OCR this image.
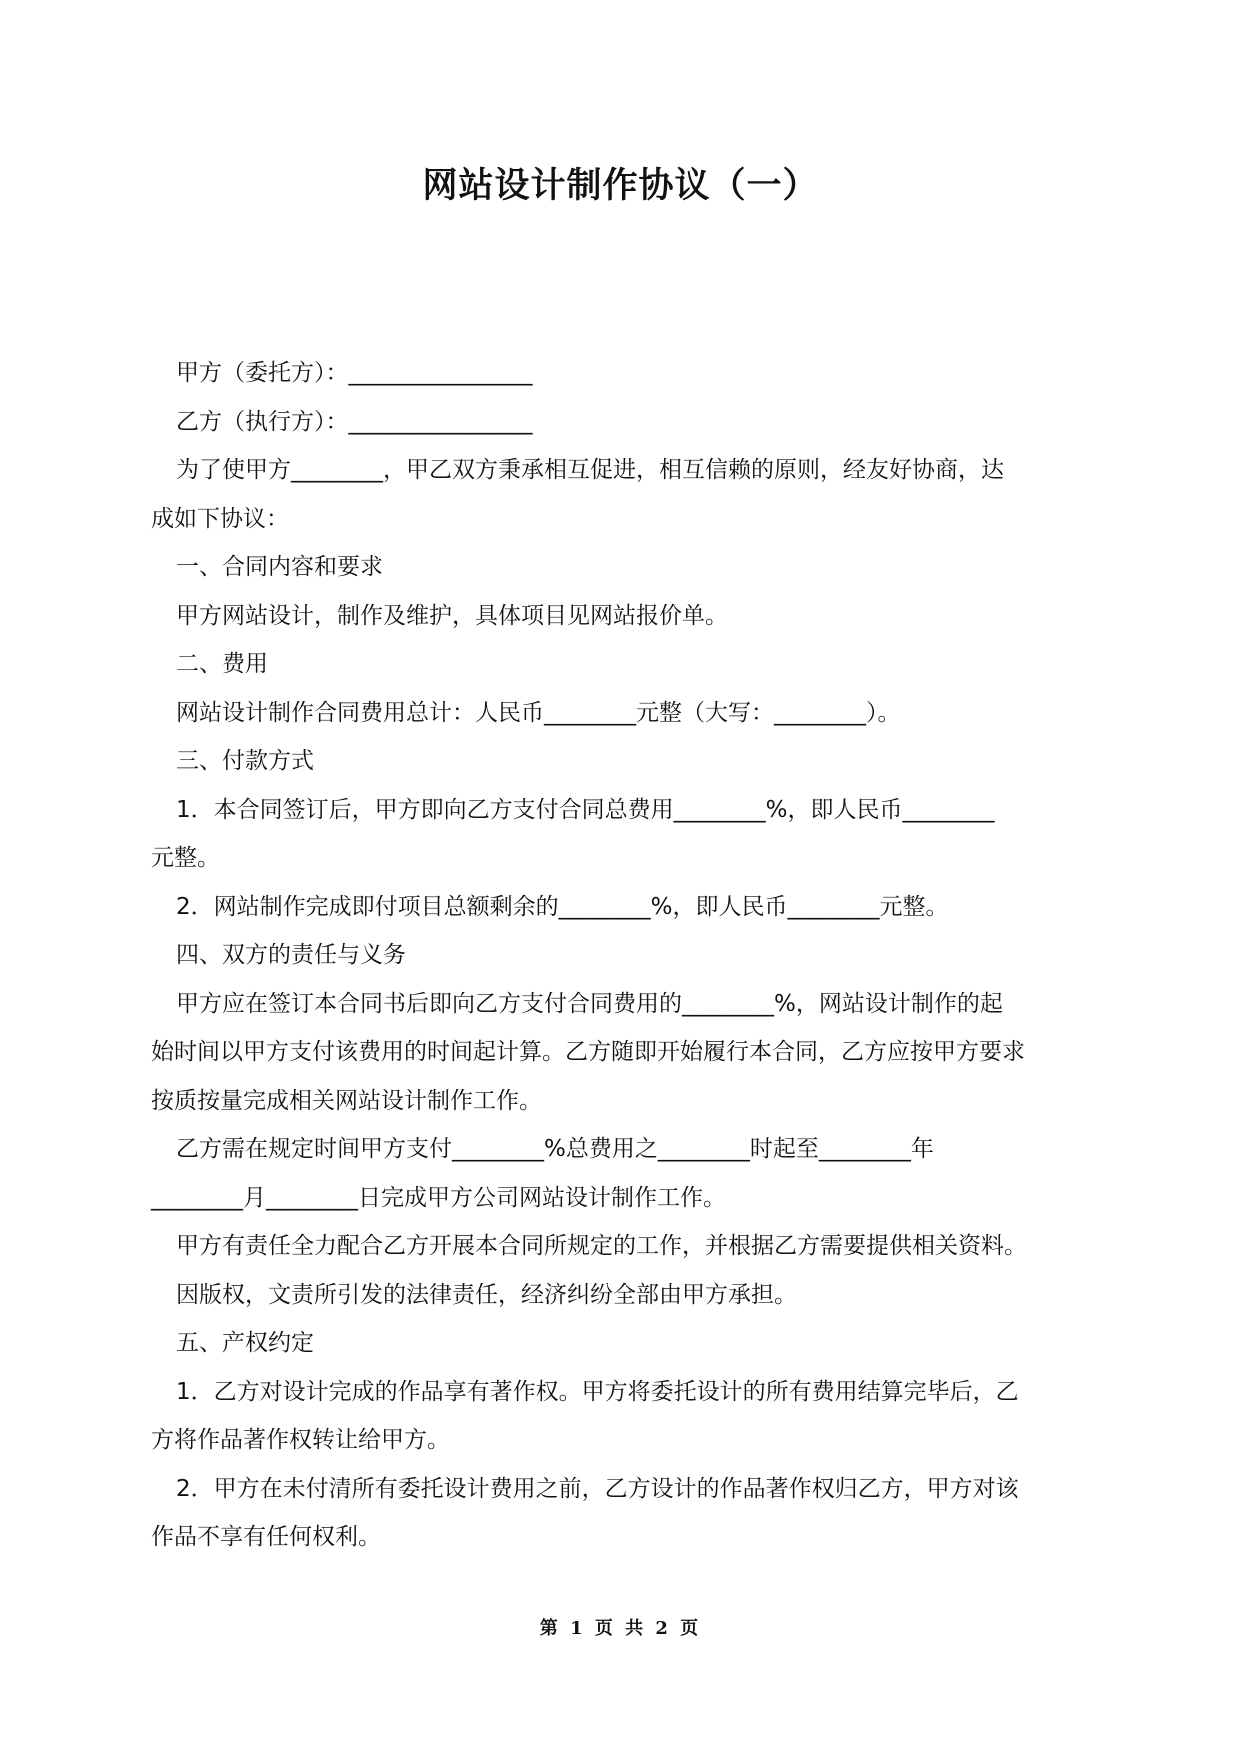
网站设计制作协议（一）
甲方（委托方）：________________
乙方（执行方）：________________
为了使甲方________，甲乙双方秉承相互促进，相互信赖的原则，经友好协商，达
成如下协议：
一、合同内容和要求
甲方网站设计，制作及维护，具体项目见网站报价单。
二、费用
网站设计制作合同费用总计：人民币________元整（大写：________）。
三、付款方式
1．本合同签订后，甲方即向乙方支付合同总费用________%，即人民币________
元整。
2．网站制作完成即付项目总额剩余的________%，即人民币________元整。
四、双方的责任与义务
甲方应在签订本合同书后即向乙方支付合同费用的________%，网站设计制作的起
始时间以甲方支付该费用的时间起计算。乙方随即开始履行本合同，乙方应按甲方要求
按质按量完成相关网站设计制作工作。
乙方需在规定时间甲方支付________%总费用之________时起至________年
________月________日完成甲方公司网站设计制作工作。
甲方有责任全力配合乙方开展本合同所规定的工作，并根据乙方需要提供相关资料。
因版权，文责所引发的法律责任，经济纠纷全部由甲方承担。
五、产权约定
1．乙方对设计完成的作品享有著作权。甲方将委托设计的所有费用结算完毕后，乙
方将作品著作权转让给甲方。
2．甲方在未付清所有委托设计费用之前，乙方设计的作品著作权归乙方，甲方对该
作品不享有任何权利。
第 1 页 共 2 页
